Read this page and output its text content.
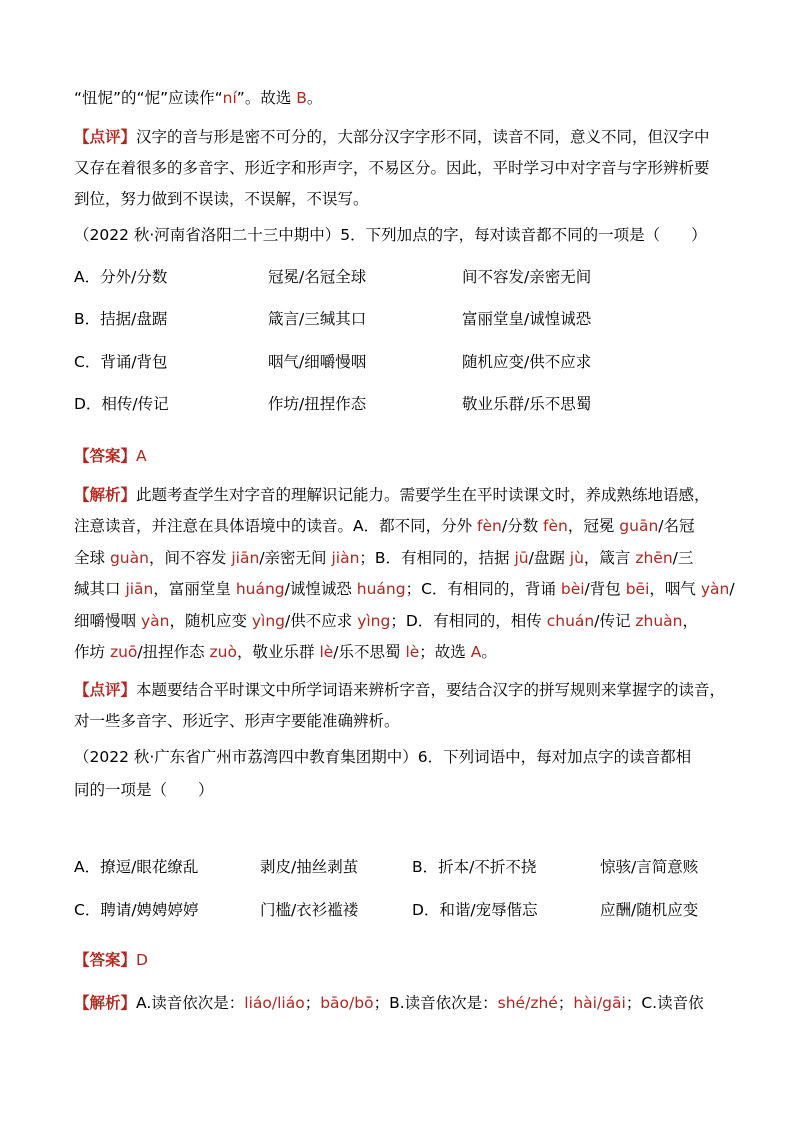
“忸怩”的“怩”应读作“ní”。故选 B。
【点评】汉字的音与形是密不可分的，大部分汉字字形不同，读音不同，意义不同，但汉字中
又存在着很多的多音字、形近字和形声字，不易区分。因此，平时学习中对字音与字形辨析要
到位，努力做到不误读，不误解，不误写。
（2022 秋·河南省洛阳二十三中期中）5．下列加点的字，每对读音都不同的一项是（　　）
【答案】A
【解析】此题考查学生对字音的理解识记能力。需要学生在平时读课文时，养成熟练地语感，
注意读音，并注意在具体语境中的读音。A．都不同，分外 fèn/分数 fèn，冠冕 guān/名冠
全球 guàn，间不容发 jiān/亲密无间 jiàn；B．有相同的，拮据 jū/盘踞 jù，箴言 zhēn/三
缄其口 jiān，富丽堂皇 huáng/诚惶诚恐 huáng；C．有相同的，背诵 bèi/背包 bēi，咽气 yàn/
细嚼慢咽 yàn，随机应变 yìng/供不应求 yìng；D．有相同的，相传 chuán/传记 zhuàn，
作坊 zuō/扭捏作态 zuò，敬业乐群 lè/乐不思蜀 lè；故选 A。
【点评】本题要结合平时课文中所学词语来辨析字音，要结合汉字的拼写规则来掌握字的读音，
对一些多音字、形近字、形声字要能准确辨析。
（2022 秋·广东省广州市荔湾四中教育集团期中）6．下列词语中，每对加点字的读音都相
同的一项是（　　）
【答案】D
【解析】A.读音依次是：liáo/liáo；bāo/bō；B.读音依次是：shé/zhé；hài/gāi；C.读音依
A．分外/分数	冠冕/名冠全球	间不容发/亲密无间
B．拮据/盘踞	箴言/三缄其口	富丽堂皇/诚惶诚恐
C．背诵/背包	咽气/细嚼慢咽	随机应变/供不应求
D．相传/传记	作坊/扭捏作态	敬业乐群/乐不思蜀
A．撩逗/眼花缭乱	剥皮/抽丝剥茧	B．折本/不折不挠	惊骇/言简意赅
C．聘请/娉娉婷婷	门槛/衣衫褴褛	D．和谐/宠辱偕忘	应酬/随机应变
